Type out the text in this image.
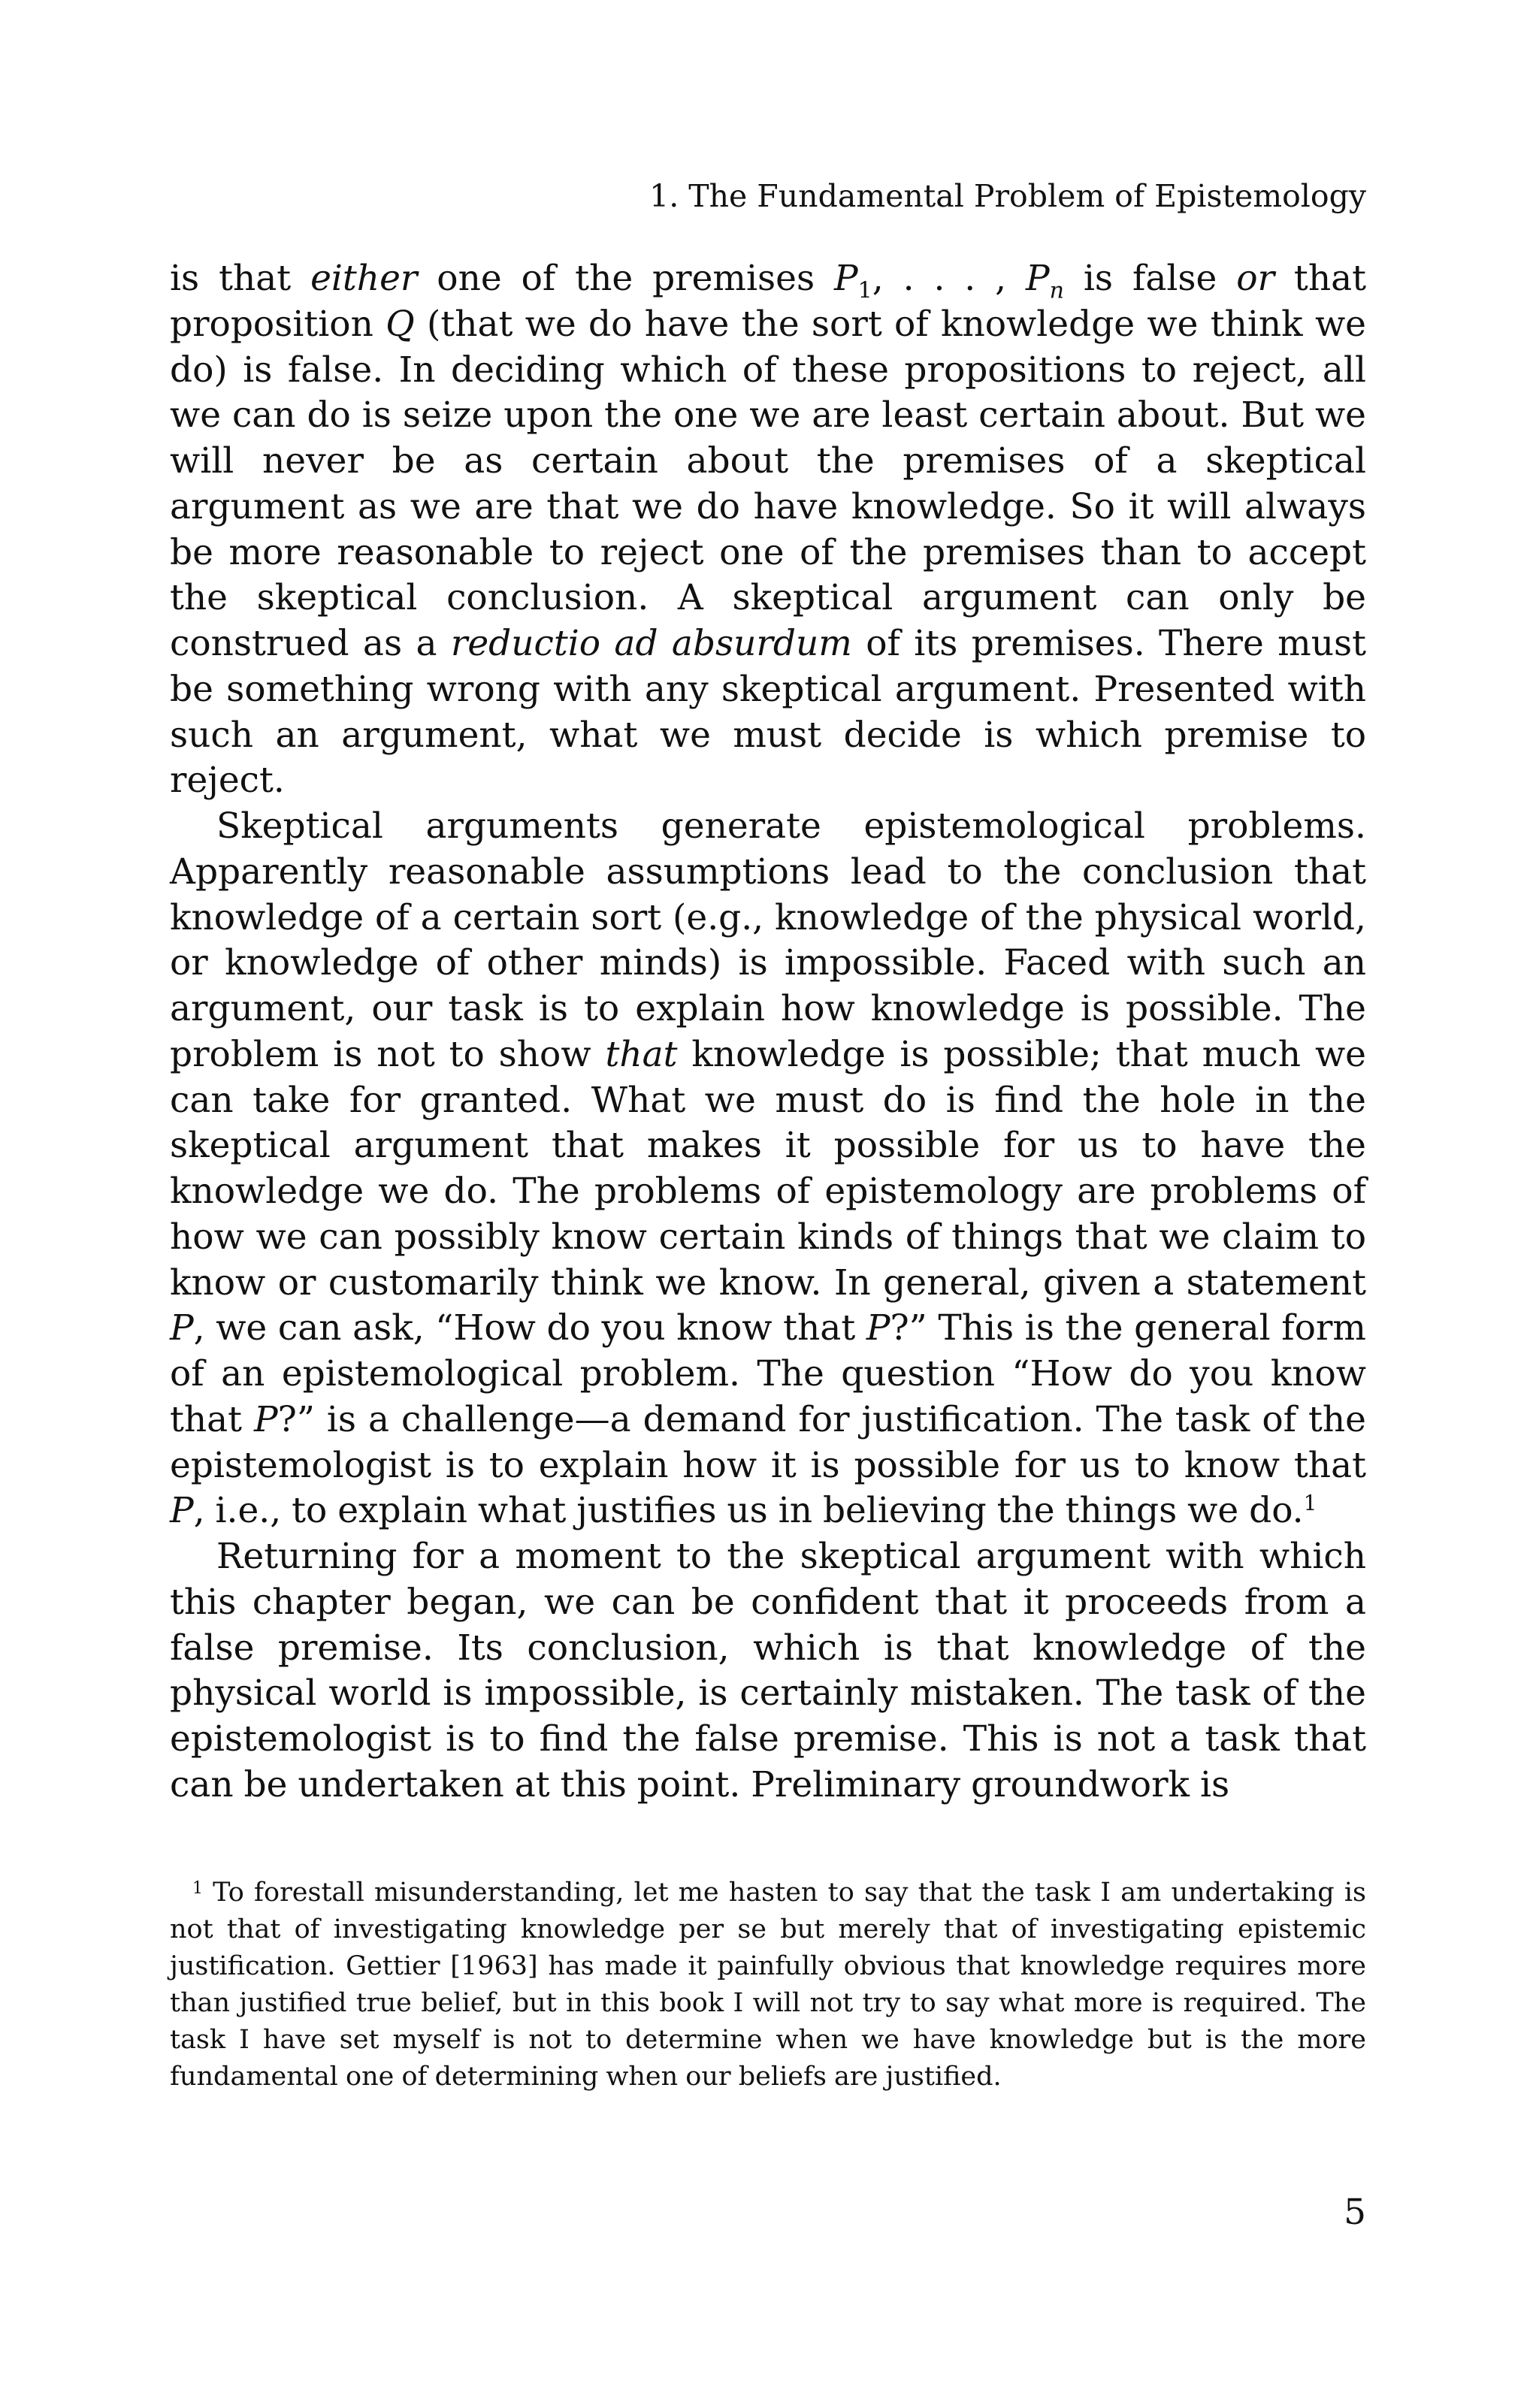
1. The Fundamental Problem of Epistemology

is that either one of the premises $P_1$, . . . , $P_n$ is false or that proposition Q (that we do have the sort of knowledge we think we do) is false. In deciding which of these propositions to reject, all we can do is seize upon the one we are least certain about. But we will never be as certain about the premises of a skeptical argument as we are that we do have knowledge. So it will always be more reasonable to reject one of the premises than to accept the skeptical conclusion. A skeptical argument can only be construed as a reductio ad absurdum of its premises. There must be something wrong with any skeptical argument. Presented with such an argument, what we must decide is which premise to reject.

Skeptical arguments generate epistemological problems. Apparently reasonable assumptions lead to the conclusion that knowledge of a certain sort (e.g., knowledge of the physical world, or knowledge of other minds) is impossible. Faced with such an argument, our task is to explain how knowledge is possible. The problem is not to show that knowledge is possible; that much we can take for granted. What we must do is find the hole in the skeptical argument that makes it possible for us to have the knowledge we do. The problems of epistemology are problems of how we can possibly know certain kinds of things that we claim to know or customarily think we know. In general, given a statement P, we can ask, “How do you know that P?” This is the general form of an epistemological problem. The question “How do you know that P?” is a challenge—a demand for justification. The task of the epistemologist is to explain how it is possible for us to know that P, i.e., to explain what justifies us in believing the things we do.$^1$

Returning for a moment to the skeptical argument with which this chapter began, we can be confident that it proceeds from a false premise. Its conclusion, which is that knowledge of the physical world is impossible, is certainly mistaken. The task of the epistemologist is to find the false premise. This is not a task that can be undertaken at this point. Preliminary groundwork is

$^1$ To forestall misunderstanding, let me hasten to say that the task I am undertaking is not that of investigating knowledge per se but merely that of investigating epistemic justification. Gettier [1963] has made it painfully obvious that knowledge requires more than justified true belief, but in this book I will not try to say what more is required. The task I have set myself is not to determine when we have knowledge but is the more fundamental one of determining when our beliefs are justified.

5
